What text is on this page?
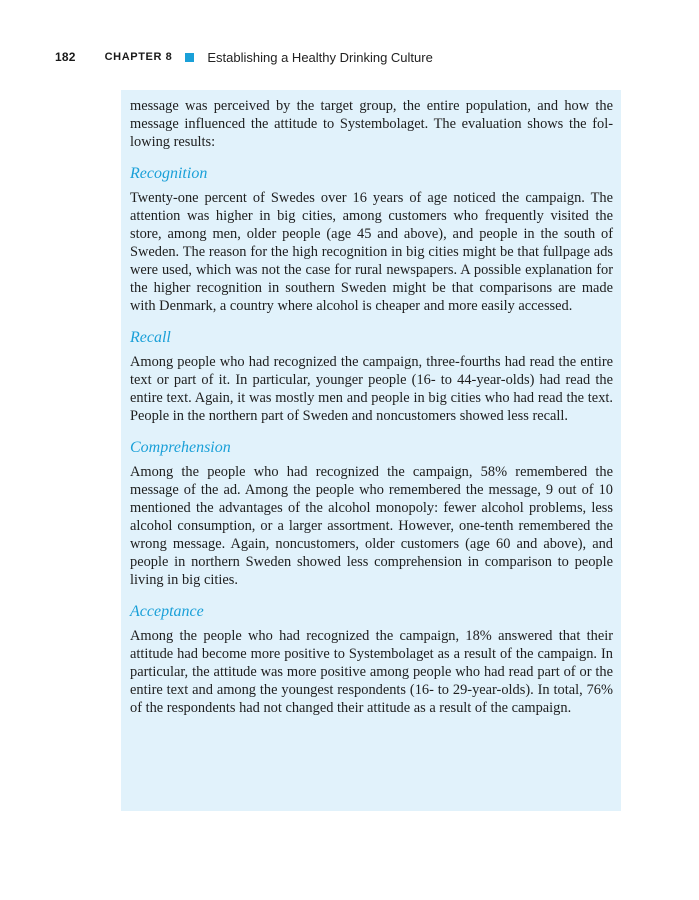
182	CHAPTER 8	Establishing a Healthy Drinking Culture

message was perceived by the target group, the entire population, and how the message influenced the attitude to Systembolaget. The evaluation shows the following results:

Recognition

Twenty-one percent of Swedes over 16 years of age noticed the campaign. The attention was higher in big cities, among customers who frequently visited the store, among men, older people (age 45 and above), and people in the south of Sweden. The reason for the high recognition in big cities might be that fullpage ads were used, which was not the case for rural newspapers. A possible explanation for the higher recognition in southern Sweden might be that comparisons are made with Denmark, a country where alcohol is cheaper and more easily accessed.

Recall

Among people who had recognized the campaign, three-fourths had read the entire text or part of it. In particular, younger people (16- to 44-year-olds) had read the entire text. Again, it was mostly men and people in big cities who had read the text. People in the northern part of Sweden and noncustomers showed less recall.

Comprehension

Among the people who had recognized the campaign, 58% remembered the message of the ad. Among the people who remembered the message, 9 out of 10 mentioned the advantages of the alcohol monopoly: fewer alcohol problems, less alcohol consumption, or a larger assortment. However, one-tenth remembered the wrong message. Again, noncustomers, older customers (age 60 and above), and people in northern Sweden showed less comprehension in comparison to people living in big cities.

Acceptance

Among the people who had recognized the campaign, 18% answered that their attitude had become more positive to Systembolaget as a result of the campaign. In particular, the attitude was more positive among people who had read part of or the entire text and among the youngest respondents (16- to 29-year-olds). In total, 76% of the respondents had not changed their attitude as a result of the campaign.
